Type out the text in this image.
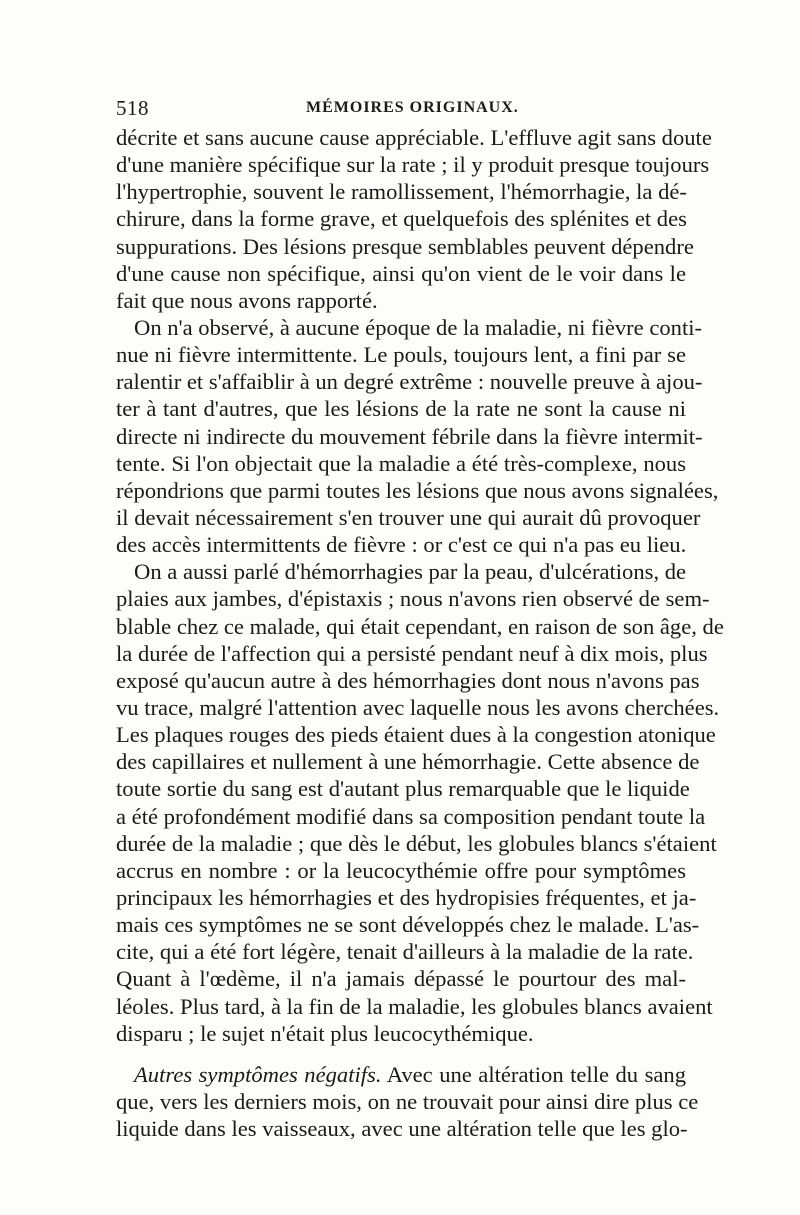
518	MÉMOIRES ORIGINAUX.
décrite et sans aucune cause appréciable. L'effluve agit sans doute
d'une manière spécifique sur la rate ; il y produit presque toujours
l'hypertrophie, souvent le ramollissement, l'hémorrhagie, la dé-
chirure, dans la forme grave, et quelquefois des splénites et des
suppurations. Des lésions presque semblables peuvent dépendre
d'une cause non spécifique, ainsi qu'on vient de le voir dans le
fait que nous avons rapporté.
On n'a observé, à aucune époque de la maladie, ni fièvre conti-
nue ni fièvre intermittente. Le pouls, toujours lent, a fini par se
ralentir et s'affaiblir à un degré extrême : nouvelle preuve à ajou-
ter à tant d'autres, que les lésions de la rate ne sont la cause ni
directe ni indirecte du mouvement fébrile dans la fièvre intermit-
tente. Si l'on objectait que la maladie a été très-complexe, nous
répondrions que parmi toutes les lésions que nous avons signalées,
il devait nécessairement s'en trouver une qui aurait dû provoquer
des accès intermittents de fièvre : or c'est ce qui n'a pas eu lieu.
On a aussi parlé d'hémorrhagies par la peau, d'ulcérations, de
plaies aux jambes, d'épistaxis ; nous n'avons rien observé de sem-
blable chez ce malade, qui était cependant, en raison de son âge, de
la durée de l'affection qui a persisté pendant neuf à dix mois, plus
exposé qu'aucun autre à des hémorrhagies dont nous n'avons pas
vu trace, malgré l'attention avec laquelle nous les avons cherchées.
Les plaques rouges des pieds étaient dues à la congestion atonique
des capillaires et nullement à une hémorrhagie. Cette absence de
toute sortie du sang est d'autant plus remarquable que le liquide
a été profondément modifié dans sa composition pendant toute la
durée de la maladie ; que dès le début, les globules blancs s'étaient
accrus en nombre : or la leucocythémie offre pour symptômes
principaux les hémorrhagies et des hydropisies fréquentes, et ja-
mais ces symptômes ne se sont développés chez le malade. L'as-
cite, qui a été fort légère, tenait d'ailleurs à la maladie de la rate.
Quant à l'œdème, il n'a jamais dépassé le pourtour des mal-
léoles. Plus tard, à la fin de la maladie, les globules blancs avaient
disparu ; le sujet n'était plus leucocythémique.
Autres symptômes négatifs. Avec une altération telle du sang
que, vers les derniers mois, on ne trouvait pour ainsi dire plus ce
liquide dans les vaisseaux, avec une altération telle que les glo-
